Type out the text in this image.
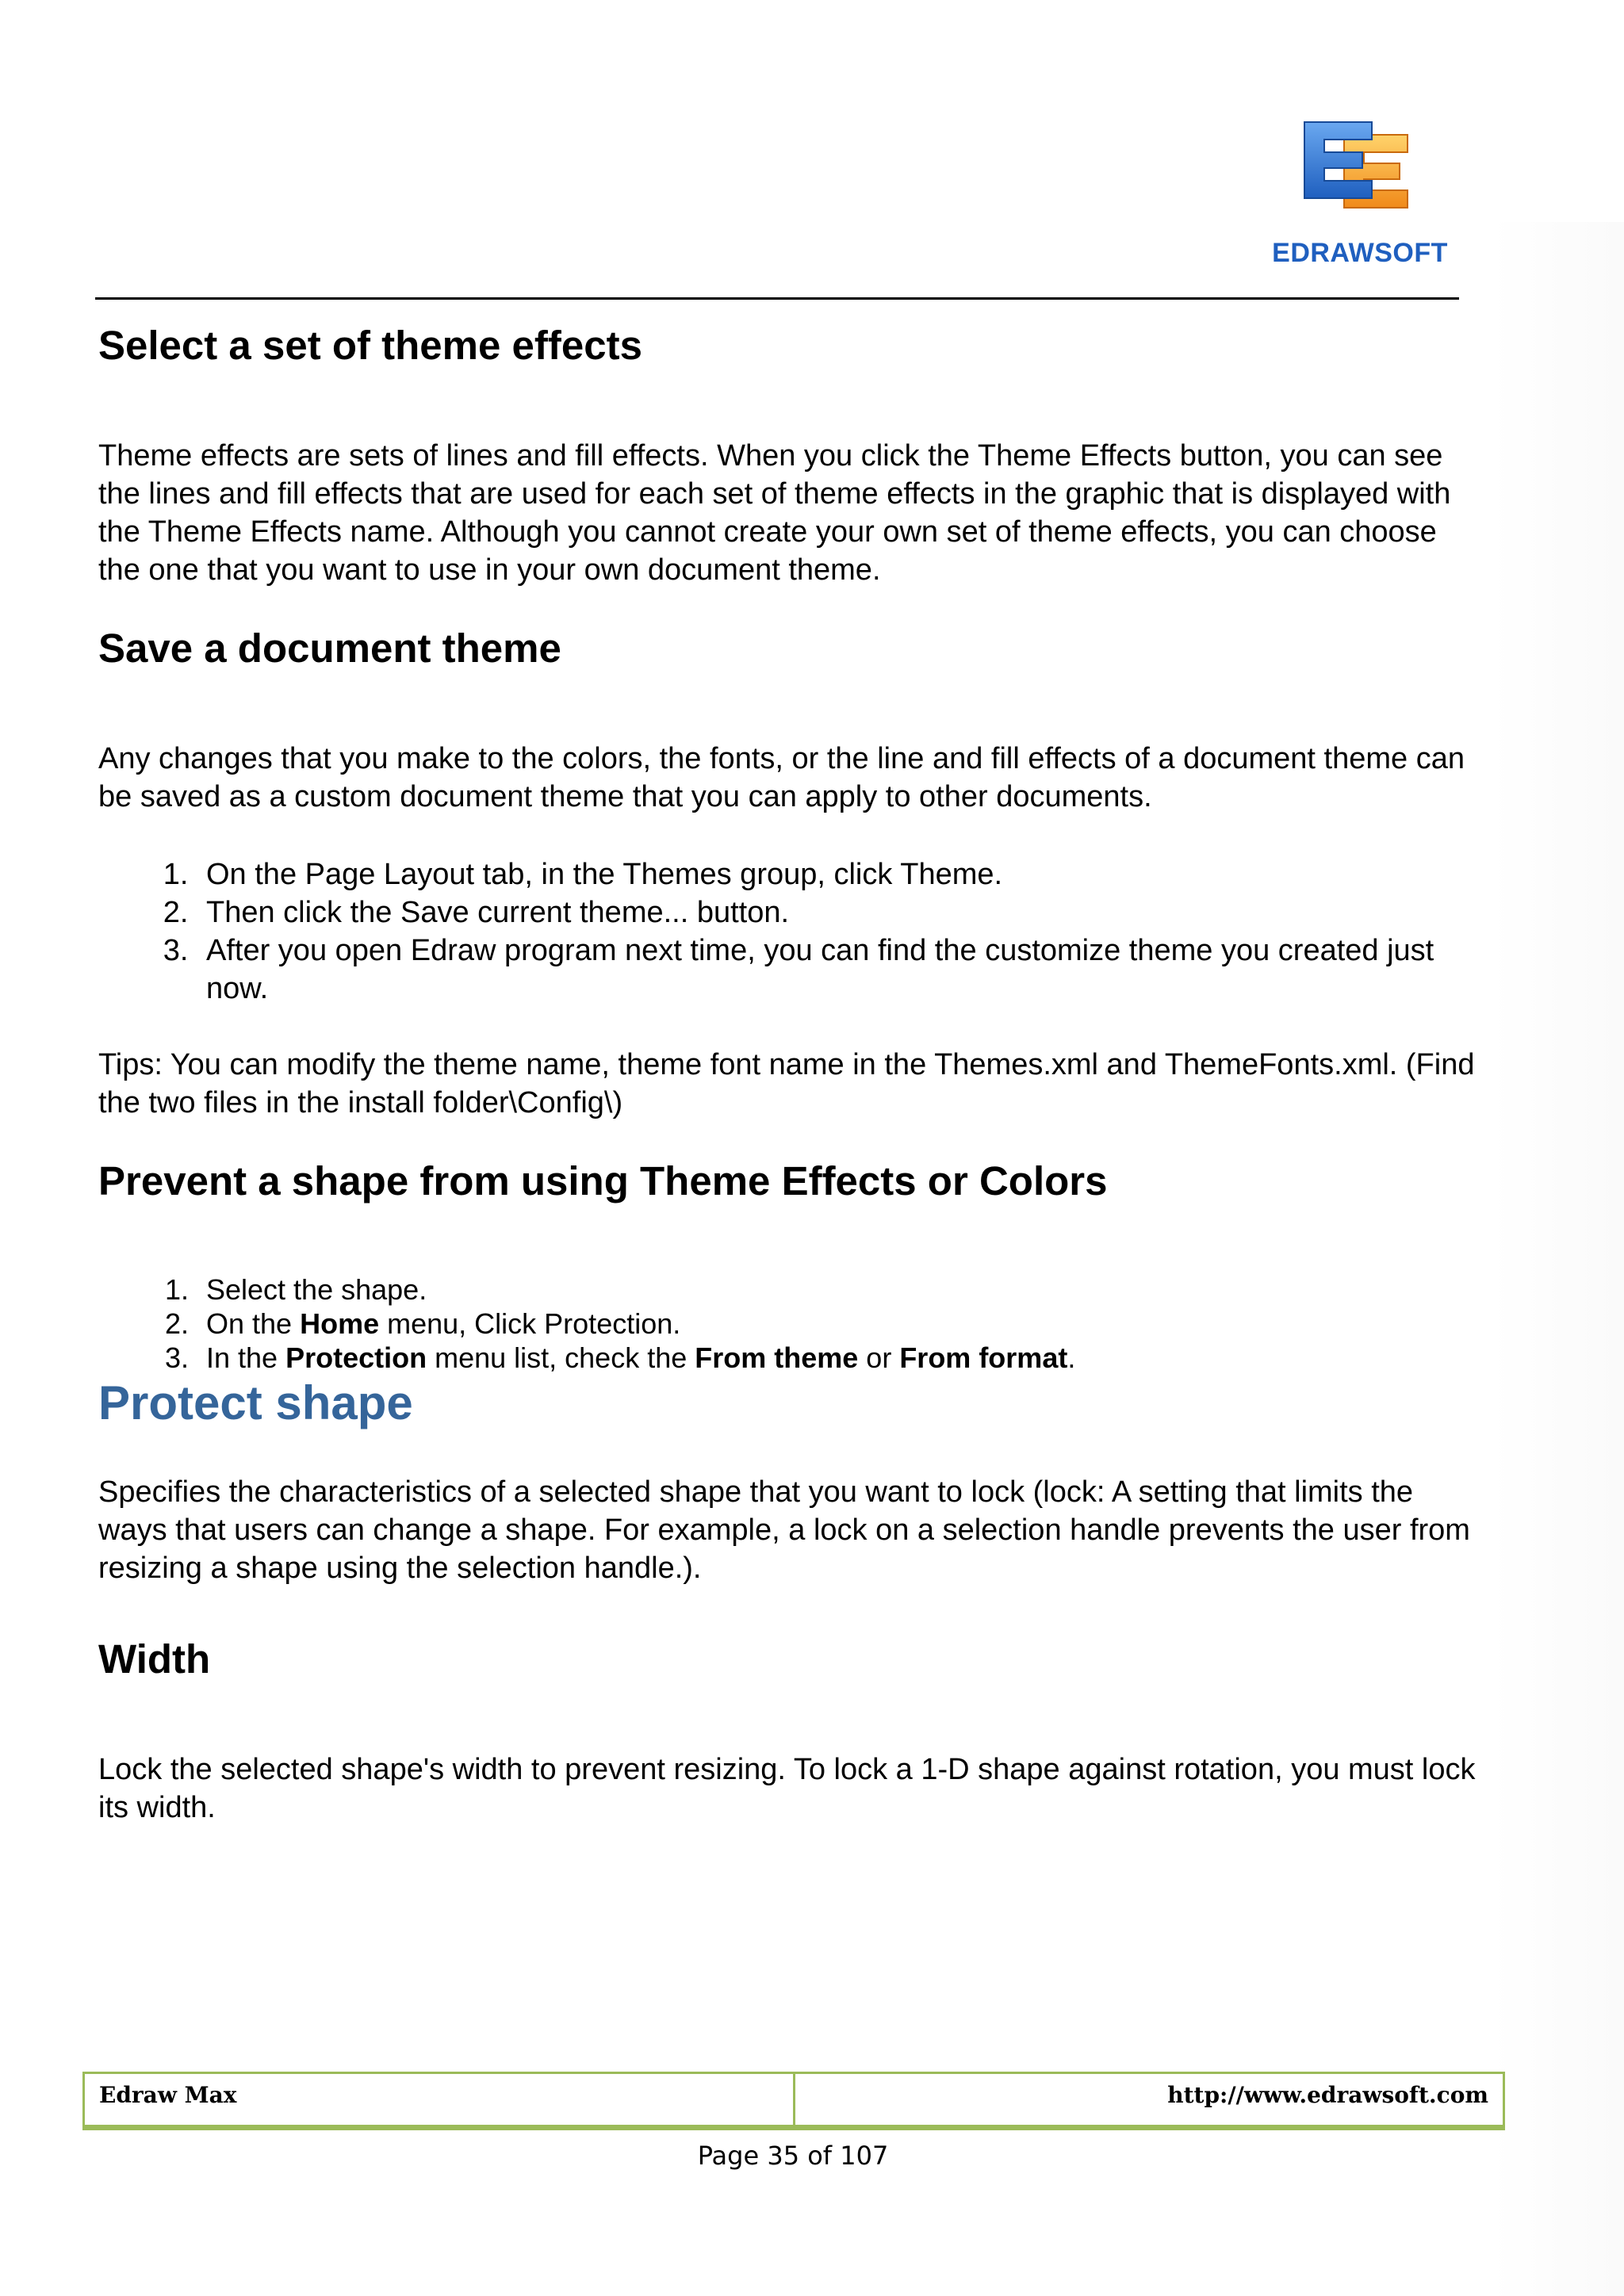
EDRAWSOFT
Select a set of theme effects

Theme effects are sets of lines and fill effects. When you click the Theme Effects button, you can see the lines and fill effects that are used for each set of theme effects in the graphic that is displayed with the Theme Effects name. Although you cannot create your own set of theme effects, you can choose the one that you want to use in your own document theme.

Save a document theme

Any changes that you make to the colors, the fonts, or the line and fill effects of a document theme can be saved as a custom document theme that you can apply to other documents.

1. On the Page Layout tab, in the Themes group, click Theme.
2. Then click the Save current theme... button.
3. After you open Edraw program next time, you can find the customize theme you created just now.

Tips: You can modify the theme name, theme font name in the Themes.xml and ThemeFonts.xml. (Find the two files in the install folder\Config\)

Prevent a shape from using Theme Effects or Colors
1. Select the shape.
2. On the Home menu, Click Protection.
3. In the Protection menu list, check the From theme or From format.
Protect shape

Specifies the characteristics of a selected shape that you want to lock (lock: A setting that limits the ways that users can change a shape. For example, a lock on a selection handle prevents the user from resizing a shape using the selection handle.).

Width

Lock the selected shape's width to prevent resizing. To lock a 1-D shape against rotation, you must lock its width.

Edraw Max	http://www.edrawsoft.com
Page 35 of 107
